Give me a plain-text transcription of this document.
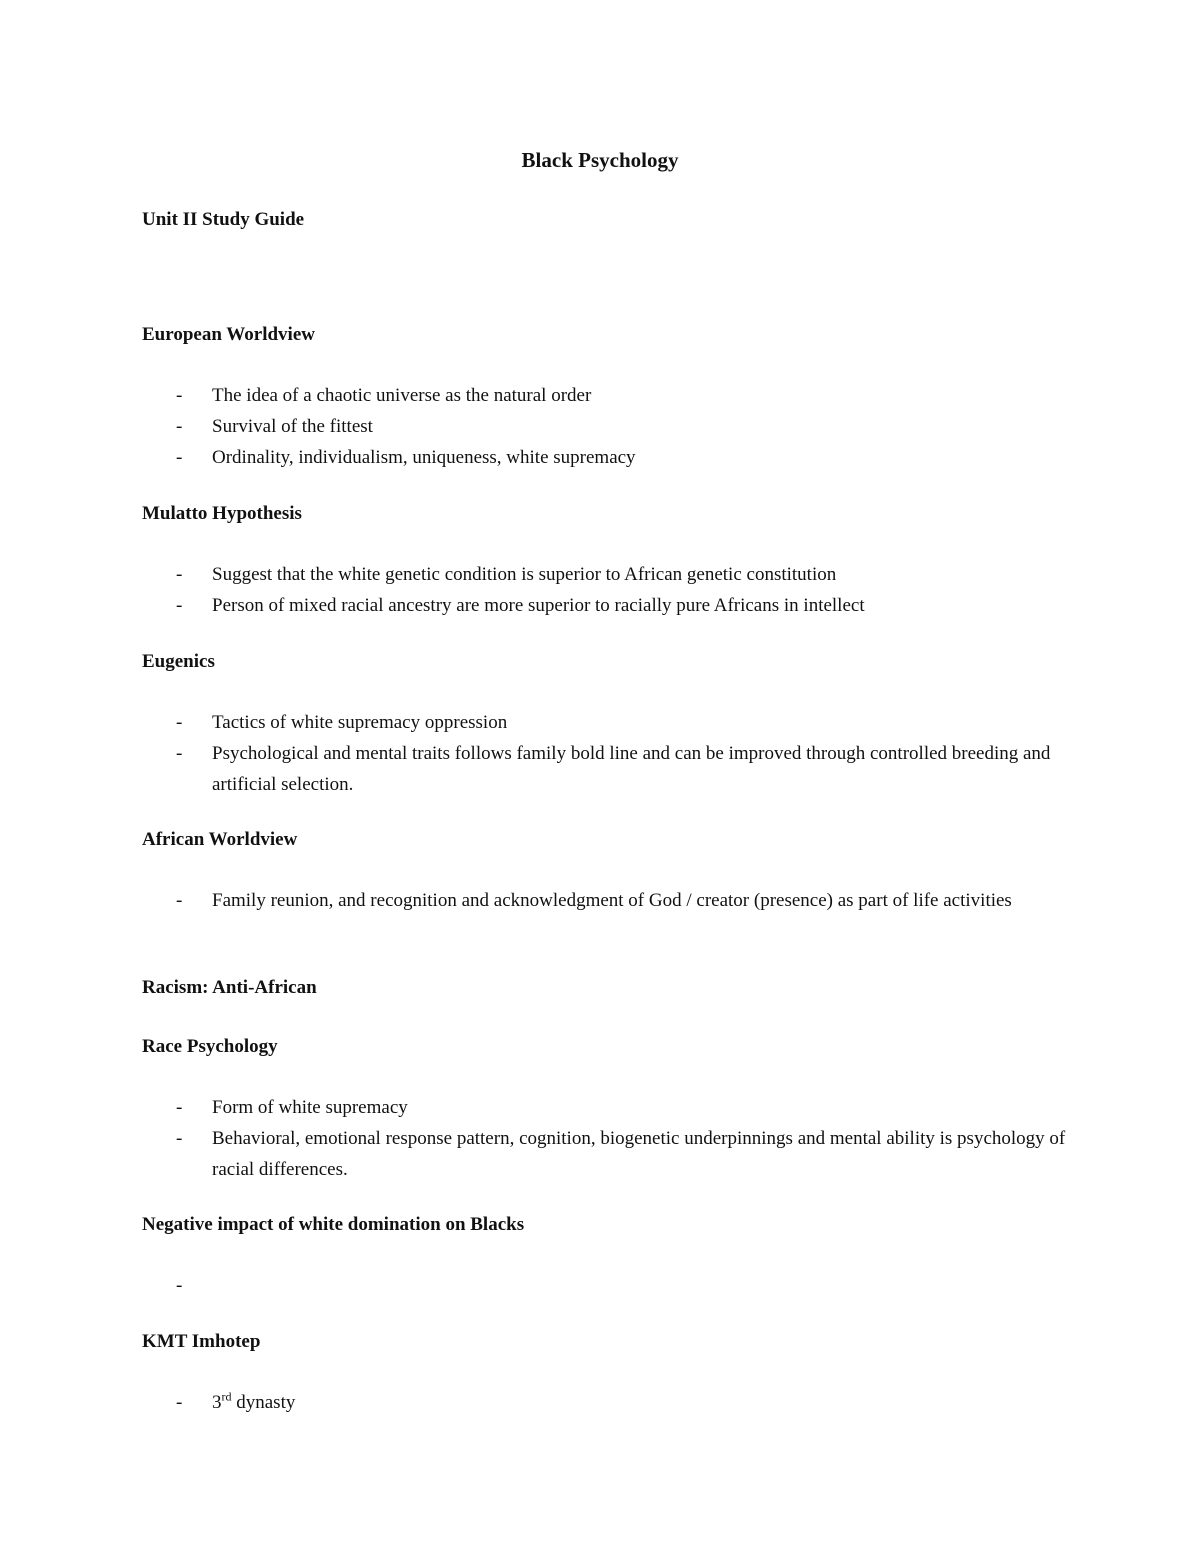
Black Psychology
Unit II Study Guide
European Worldview
- The idea of a chaotic universe as the natural order
- Survival of the fittest
- Ordinality, individualism, uniqueness, white supremacy
Mulatto Hypothesis
- Suggest that the white genetic condition is superior to African genetic constitution
- Person of mixed racial ancestry are more superior to racially pure Africans in intellect
Eugenics
- Tactics of white supremacy oppression
- Psychological and mental traits follows family bold line and can be improved through controlled breeding and artificial selection.
African Worldview
- Family reunion, and recognition and acknowledgment of God / creator (presence) as part of life activities
Racism: Anti-African
Race Psychology
- Form of white supremacy
- Behavioral, emotional response pattern, cognition, biogenetic underpinnings and mental ability is psychology of racial differences.
Negative impact of white domination on Blacks
-

KMT Imhotep
- 3rd dynasty
